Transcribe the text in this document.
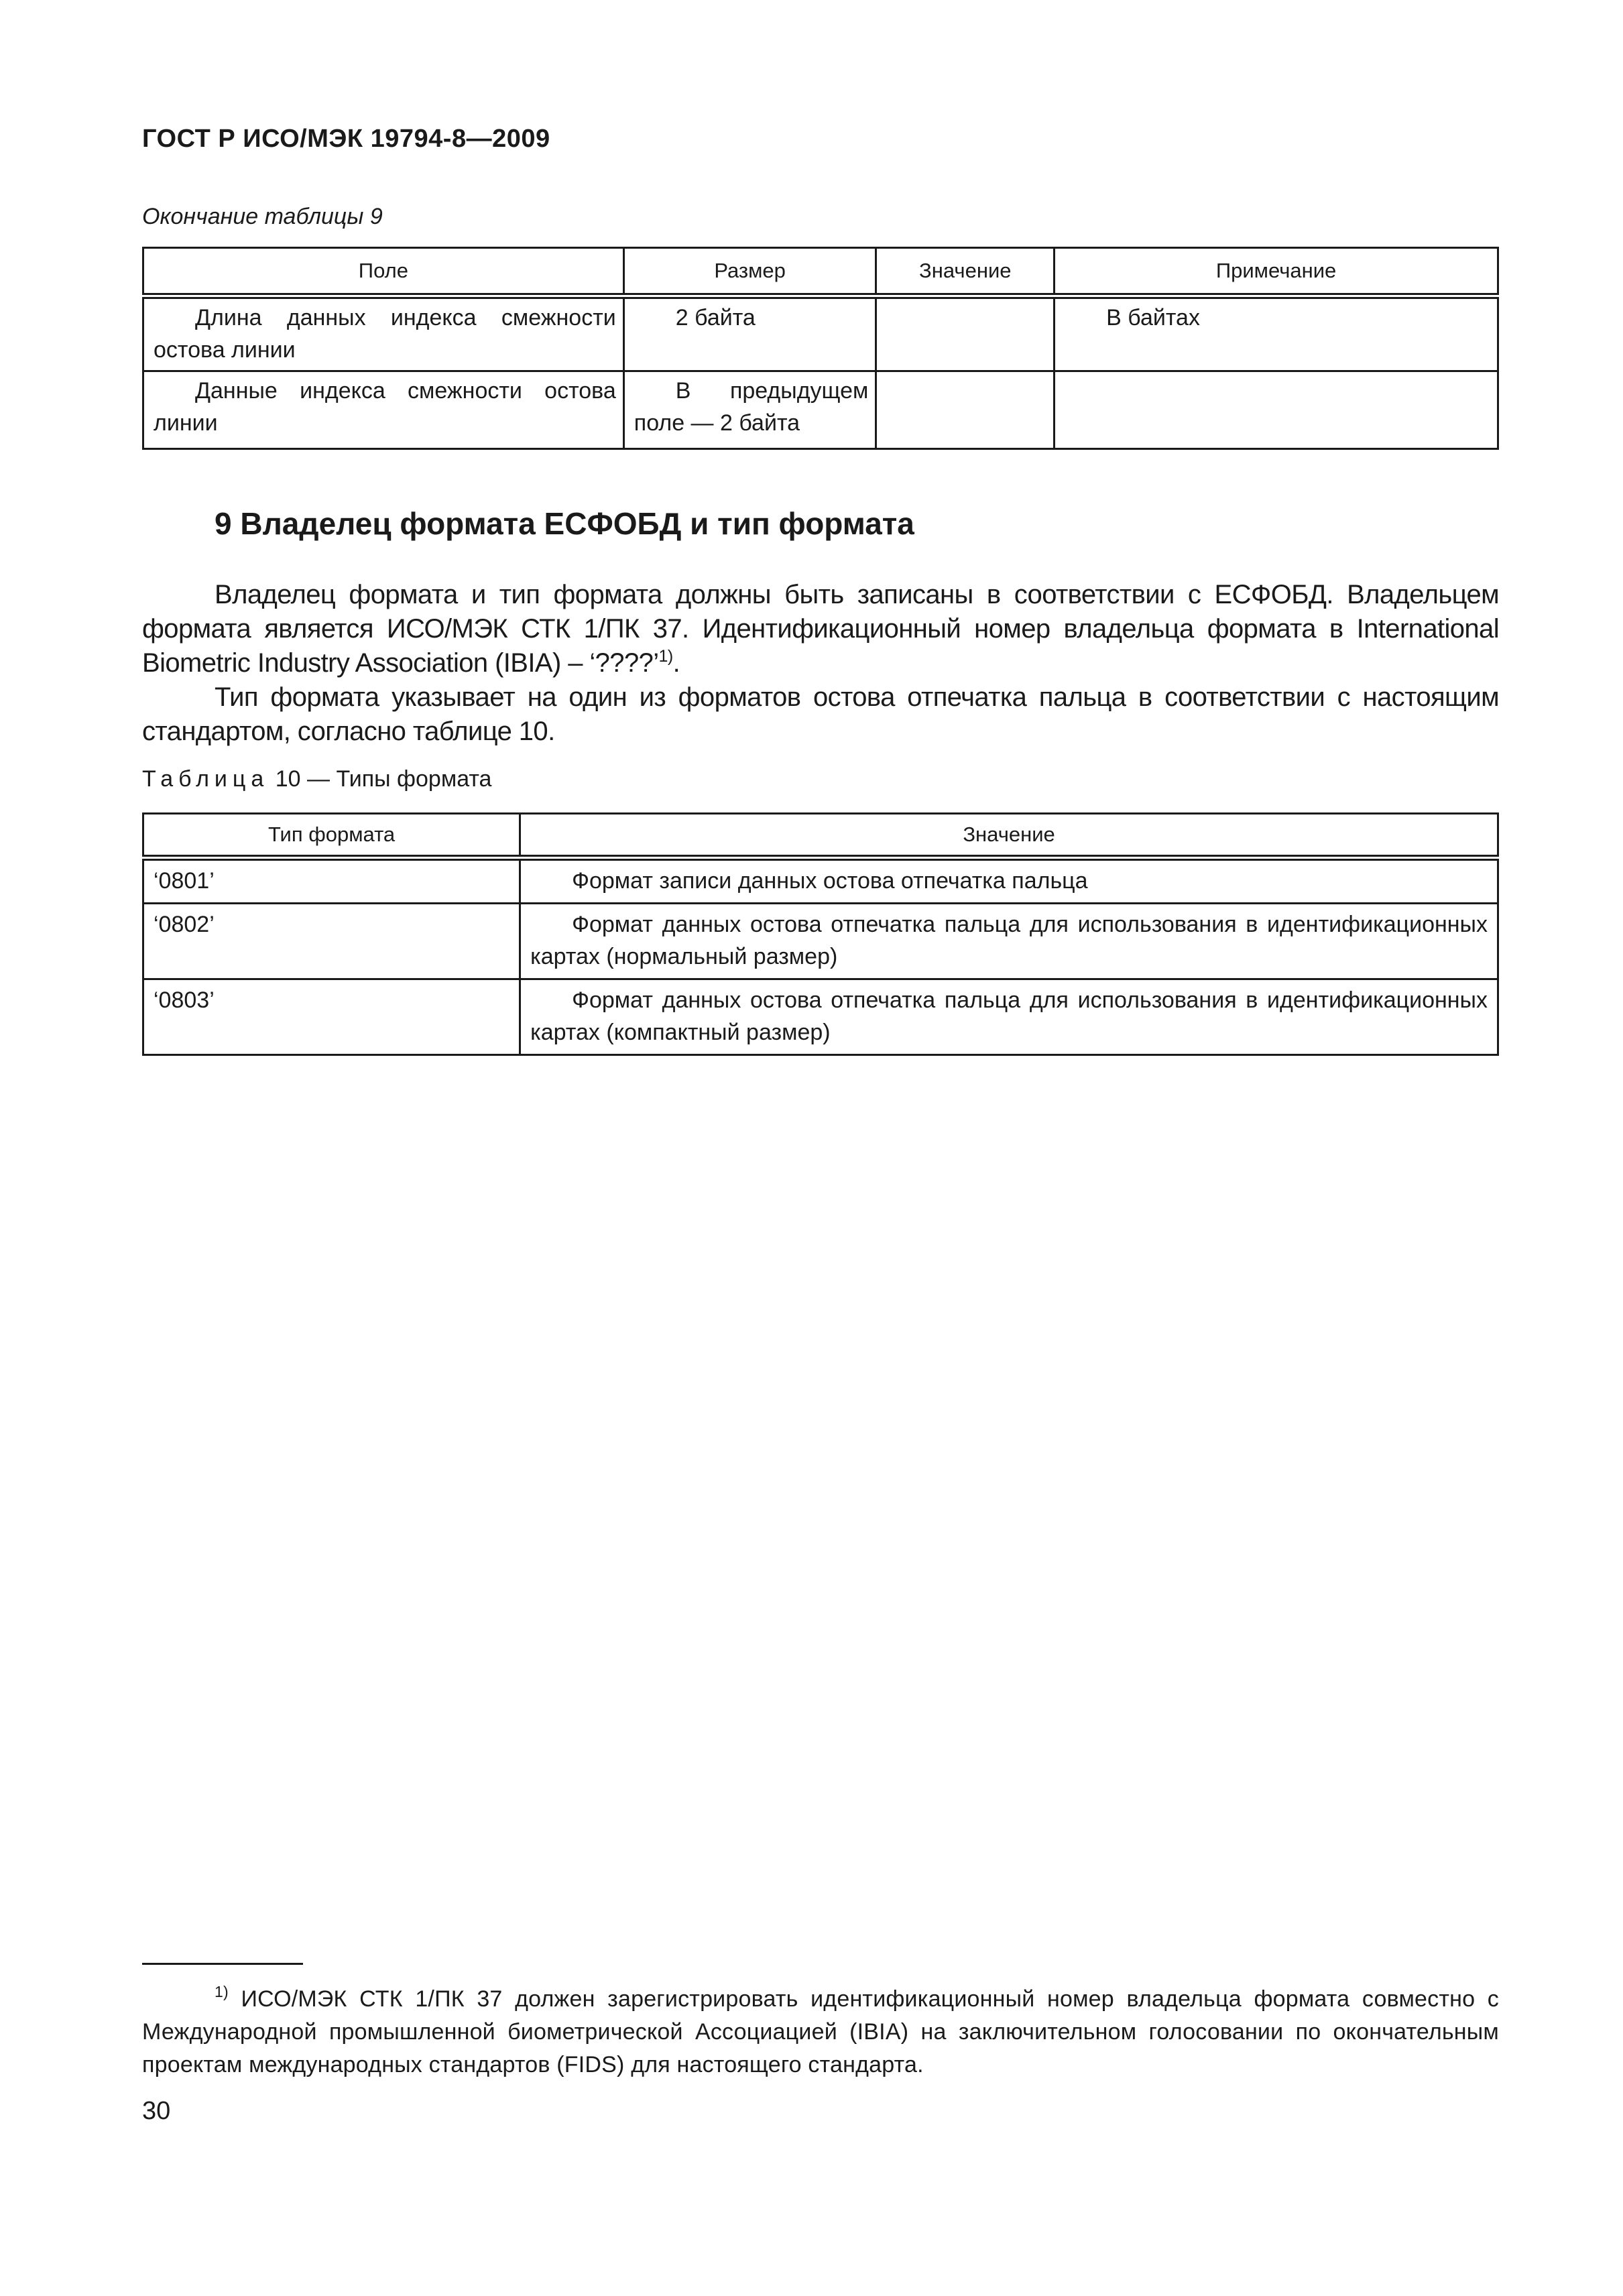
ГОСТ Р ИСО/МЭК 19794-8—2009
Окончание таблицы 9
Поле	Размер	Значение	Примечание
Длина данных индекса смежности остова линии	2 байта		В байтах
Данные индекса смежности остова линии	В предыдущем поле — 2 байта		
9 Владелец формата ЕСФОБД и тип формата

Владелец формата и тип формата должны быть записаны в соответствии с ЕСФОБД. Владельцем формата является ИСО/МЭК СТК 1/ПК 37. Идентификационный номер владельца формата в International Biometric Industry Association (IBIA) – ‘????’$^{1)}$.

Тип формата указывает на один из форматов остова отпечатка пальца в соответствии с настоящим стандартом, согласно таблице 10.

Таблица 10 — Типы формата
Тип формата	Значение
‘0801’	Формат записи данных остова отпечатка пальца
‘0802’	Формат данных остова отпечатка пальца для использования в идентификационных картах (нормальный размер)
‘0803’	Формат данных остова отпечатка пальца для использования в идентификационных картах (компактный размер)
$^{1)}$ ИСО/МЭК СТК 1/ПК 37 должен зарегистрировать идентификационный номер владельца формата совместно с Международной промышленной биометрической Ассоциацией (IBIA) на заключительном голосовании по окончательным проектам международных стандартов (FIDS) для настоящего стандарта.
30
